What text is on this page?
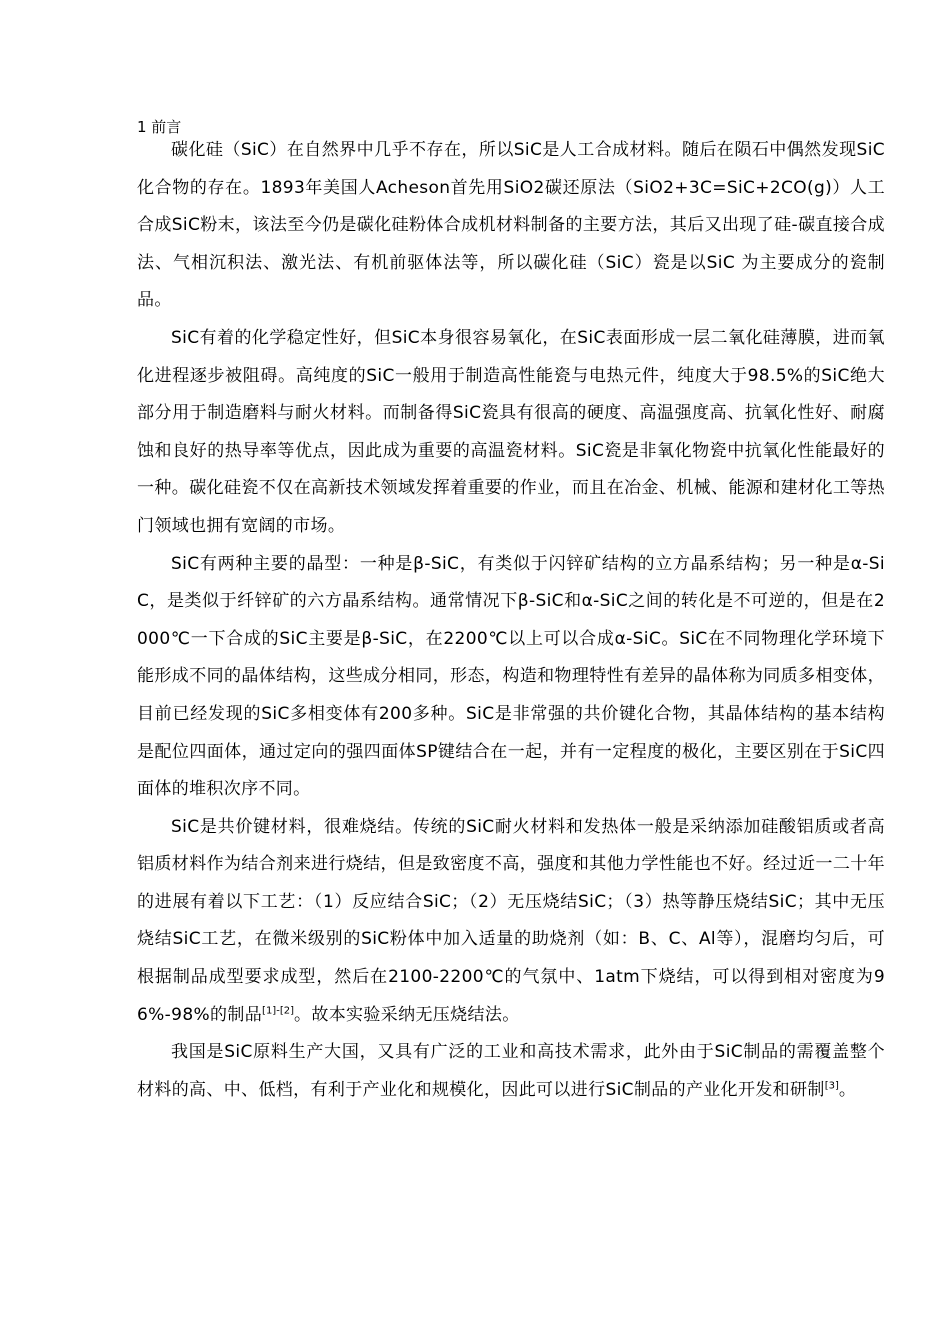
1 前言

碳化硅（SiC）在自然界中几乎不存在，所以SiC是人工合成材料。随后在陨石中偶然发现SiC 化合物的存在。1893年美国人Acheson首先用SiO2碳还原法（SiO2+3C=SiC+2CO(g)）人工合成SiC粉末，该法至今仍是碳化硅粉体合成机材料制备的主要方法，其后又出现了硅-碳直接合成法、气相沉积法、激光法、有机前驱体法等，所以碳化硅（SiC）瓷是以SiC 为主要成分的瓷制品。

SiC有着的化学稳定性好，但SiC本身很容易氧化，在SiC表面形成一层二氧化硅薄膜，进而氧化进程逐步被阻碍。高纯度的SiC一般用于制造高性能瓷与电热元件，纯度大于98.5%的SiC绝大部分用于制造磨料与耐火材料。而制备得SiC瓷具有很高的硬度、高温强度高、抗氧化性好、耐腐蚀和良好的热导率等优点，因此成为重要的高温瓷材料。SiC瓷是非氧化物瓷中抗氧化性能最好的一种。碳化硅瓷不仅在高新技术领域发挥着重要的作业，而且在冶金、机械、能源和建材化工等热门领域也拥有宽阔的市场。

SiC有两种主要的晶型：一种是β-SiC，有类似于闪锌矿结构的立方晶系结构；另一种是α-SiC，是类似于纤锌矿的六方晶系结构。通常情况下β-SiC和α-SiC之间的转化是不可逆的，但是在2000℃一下合成的SiC主要是β-SiC，在2200℃以上可以合成α-SiC。SiC在不同物理化学环境下能形成不同的晶体结构，这些成分相同，形态，构造和物理特性有差异的晶体称为同质多相变体，目前已经发现的SiC多相变体有200多种。SiC是非常强的共价键化合物，其晶体结构的基本结构是配位四面体，通过定向的强四面体SP键结合在一起，并有一定程度的极化，主要区别在于SiC四面体的堆积次序不同。

SiC是共价键材料，很难烧结。传统的SiC耐火材料和发热体一般是采纳添加硅酸铝质或者高铝质材料作为结合剂来进行烧结，但是致密度不高，强度和其他力学性能也不好。经过近一二十年的进展有着以下工艺：（1）反应结合SiC；（2）无压烧结SiC；（3）热等静压烧结SiC；其中无压烧结SiC工艺，在微米级别的SiC粉体中加入适量的助烧剂（如：B、C、Al等），混磨均匀后，可根据制品成型要求成型，然后在2100-2200℃的气氛中、1atm下烧结，可以得到相对密度为96%-98%的制品[1]-[2]。故本实验采纳无压烧结法。

我国是SiC原料生产大国，又具有广泛的工业和高技术需求，此外由于SiC制品的需覆盖整个材料的高、中、低档，有利于产业化和规模化，因此可以进行SiC制品的产业化开发和研制[3]。
